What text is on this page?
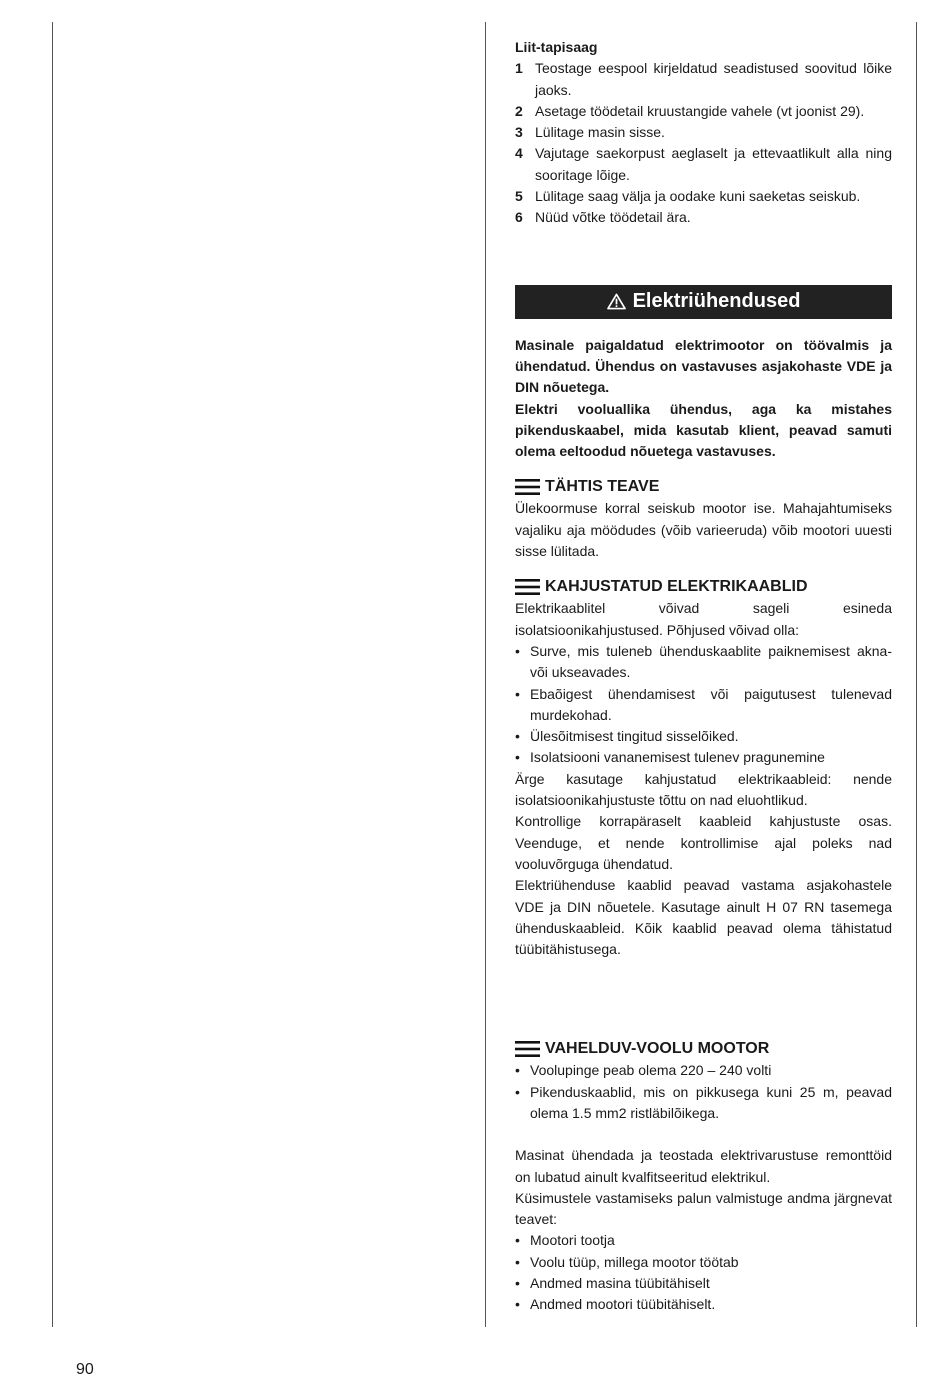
Liit-tapisaag
1 Teostage eespool kirjeldatud seadistused soovitud lõike jaoks.
2 Asetage töödetail kruustangide vahele (vt joonist 29).
3 Lülitage masin sisse.
4 Vajutage saekorpust aeglaselt ja ettevaatlikult alla ning sooritage lõige.
5 Lülitage saag välja ja oodake kuni saeketas seiskub.
6 Nüüd võtke töödetail ära.
Elektriühendused

Masinale paigaldatud elektrimootor on töövalmis ja ühendatud. Ühendus on vastavuses asjakohaste VDE ja DIN nõuetega.

Elektri vooluallika ühendus, aga ka mistahes pikenduskaabel, mida kasutab klient, peavad samuti olema eeltoodud nõuetega vastavuses.

TÄHTIS TEAVE

Ülekoormuse korral seiskub mootor ise. Mahajahtumiseks vajaliku aja möödudes (võib varieeruda) võib mootori uuesti sisse lülitada.

KAHJUSTATUD ELEKTRIKAABLID

Elektrikaablitel võivad sageli esineda isolatsioonikahjustused. Põhjused võivad olla:

• Surve, mis tuleneb ühenduskaablite paiknemisest akna- või ukseavades.
• Ebaõigest ühendamisest või paigutusest tulenevad murdekohad.
• Ülesõitmisest tingitud sisselõiked.
• Isolatsiooni vananemisest tulenev pragunemine

Ärge kasutage kahjustatud elektrikaableid: nende isolatsioonikahjustuste tõttu on nad eluohtlikud.

Kontrollige korrapäraselt kaableid kahjustuste osas. Veenduge, et nende kontrollimise ajal poleks nad vooluvõrguga ühendatud.

Elektriühenduse kaablid peavad vastama asjakohastele VDE ja DIN nõuetele. Kasutage ainult H 07 RN tasemega ühenduskaableid. Kõik kaablid peavad olema tähistatud tüübitähistusega.

VAHELDUV-VOOLU MOOTOR
• Voolupinge peab olema 220 – 240 volti
• Pikenduskaablid, mis on pikkusega kuni 25 m, peavad olema 1.5 mm2 ristläbilõikega.

Masinat ühendada ja teostada elektrivarustuse remonttöid on lubatud ainult kvalfitseeritud elektrikul.

Küsimustele vastamiseks palun valmistuge andma järgnevat teavet:

• Mootori tootja
• Voolu tüüp, millega mootor töötab
• Andmed masina tüübitähiselt
• Andmed mootori tüübitähiselt.
90
